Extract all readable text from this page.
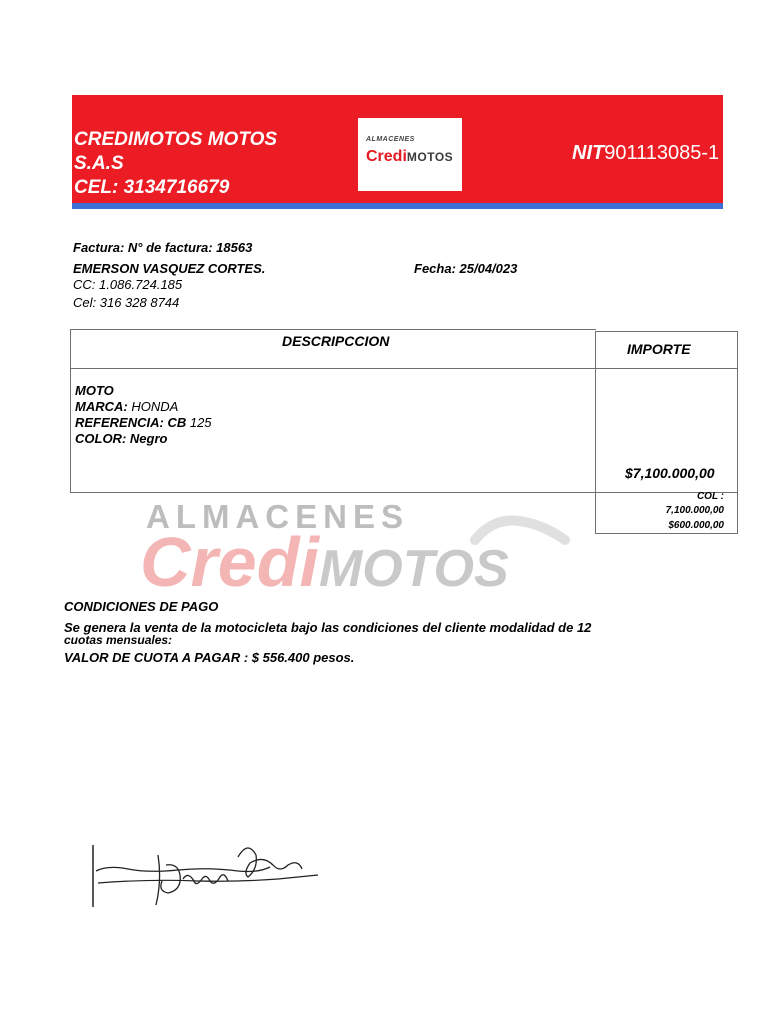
CREDIMOTOS MOTOS
S.A.S
CEL: 3134716679
ALMACENES
CrediMOTOS	NIT901113085-1
Factura: N° de factura: 18563
EMERSON VASQUEZ CORTES.	Fecha: 25/04/023
CC: 1.086.724.185
Cel: 316 328 8744
DESCRIPCCION	IMPORTE
MOTO
MARCA: HONDA
REFERENCIA: CB 125
COLOR: Negro
$7,100.000,00
COL :
7,100.000,00
$600.000,00
ALMACENES
CrediMOTOS
CONDICIONES DE PAGO
Se genera la venta de la motocicleta bajo las condiciones del cliente modalidad de 12
cuotas mensuales:
VALOR DE CUOTA A PAGAR : $ 556.400 pesos.
